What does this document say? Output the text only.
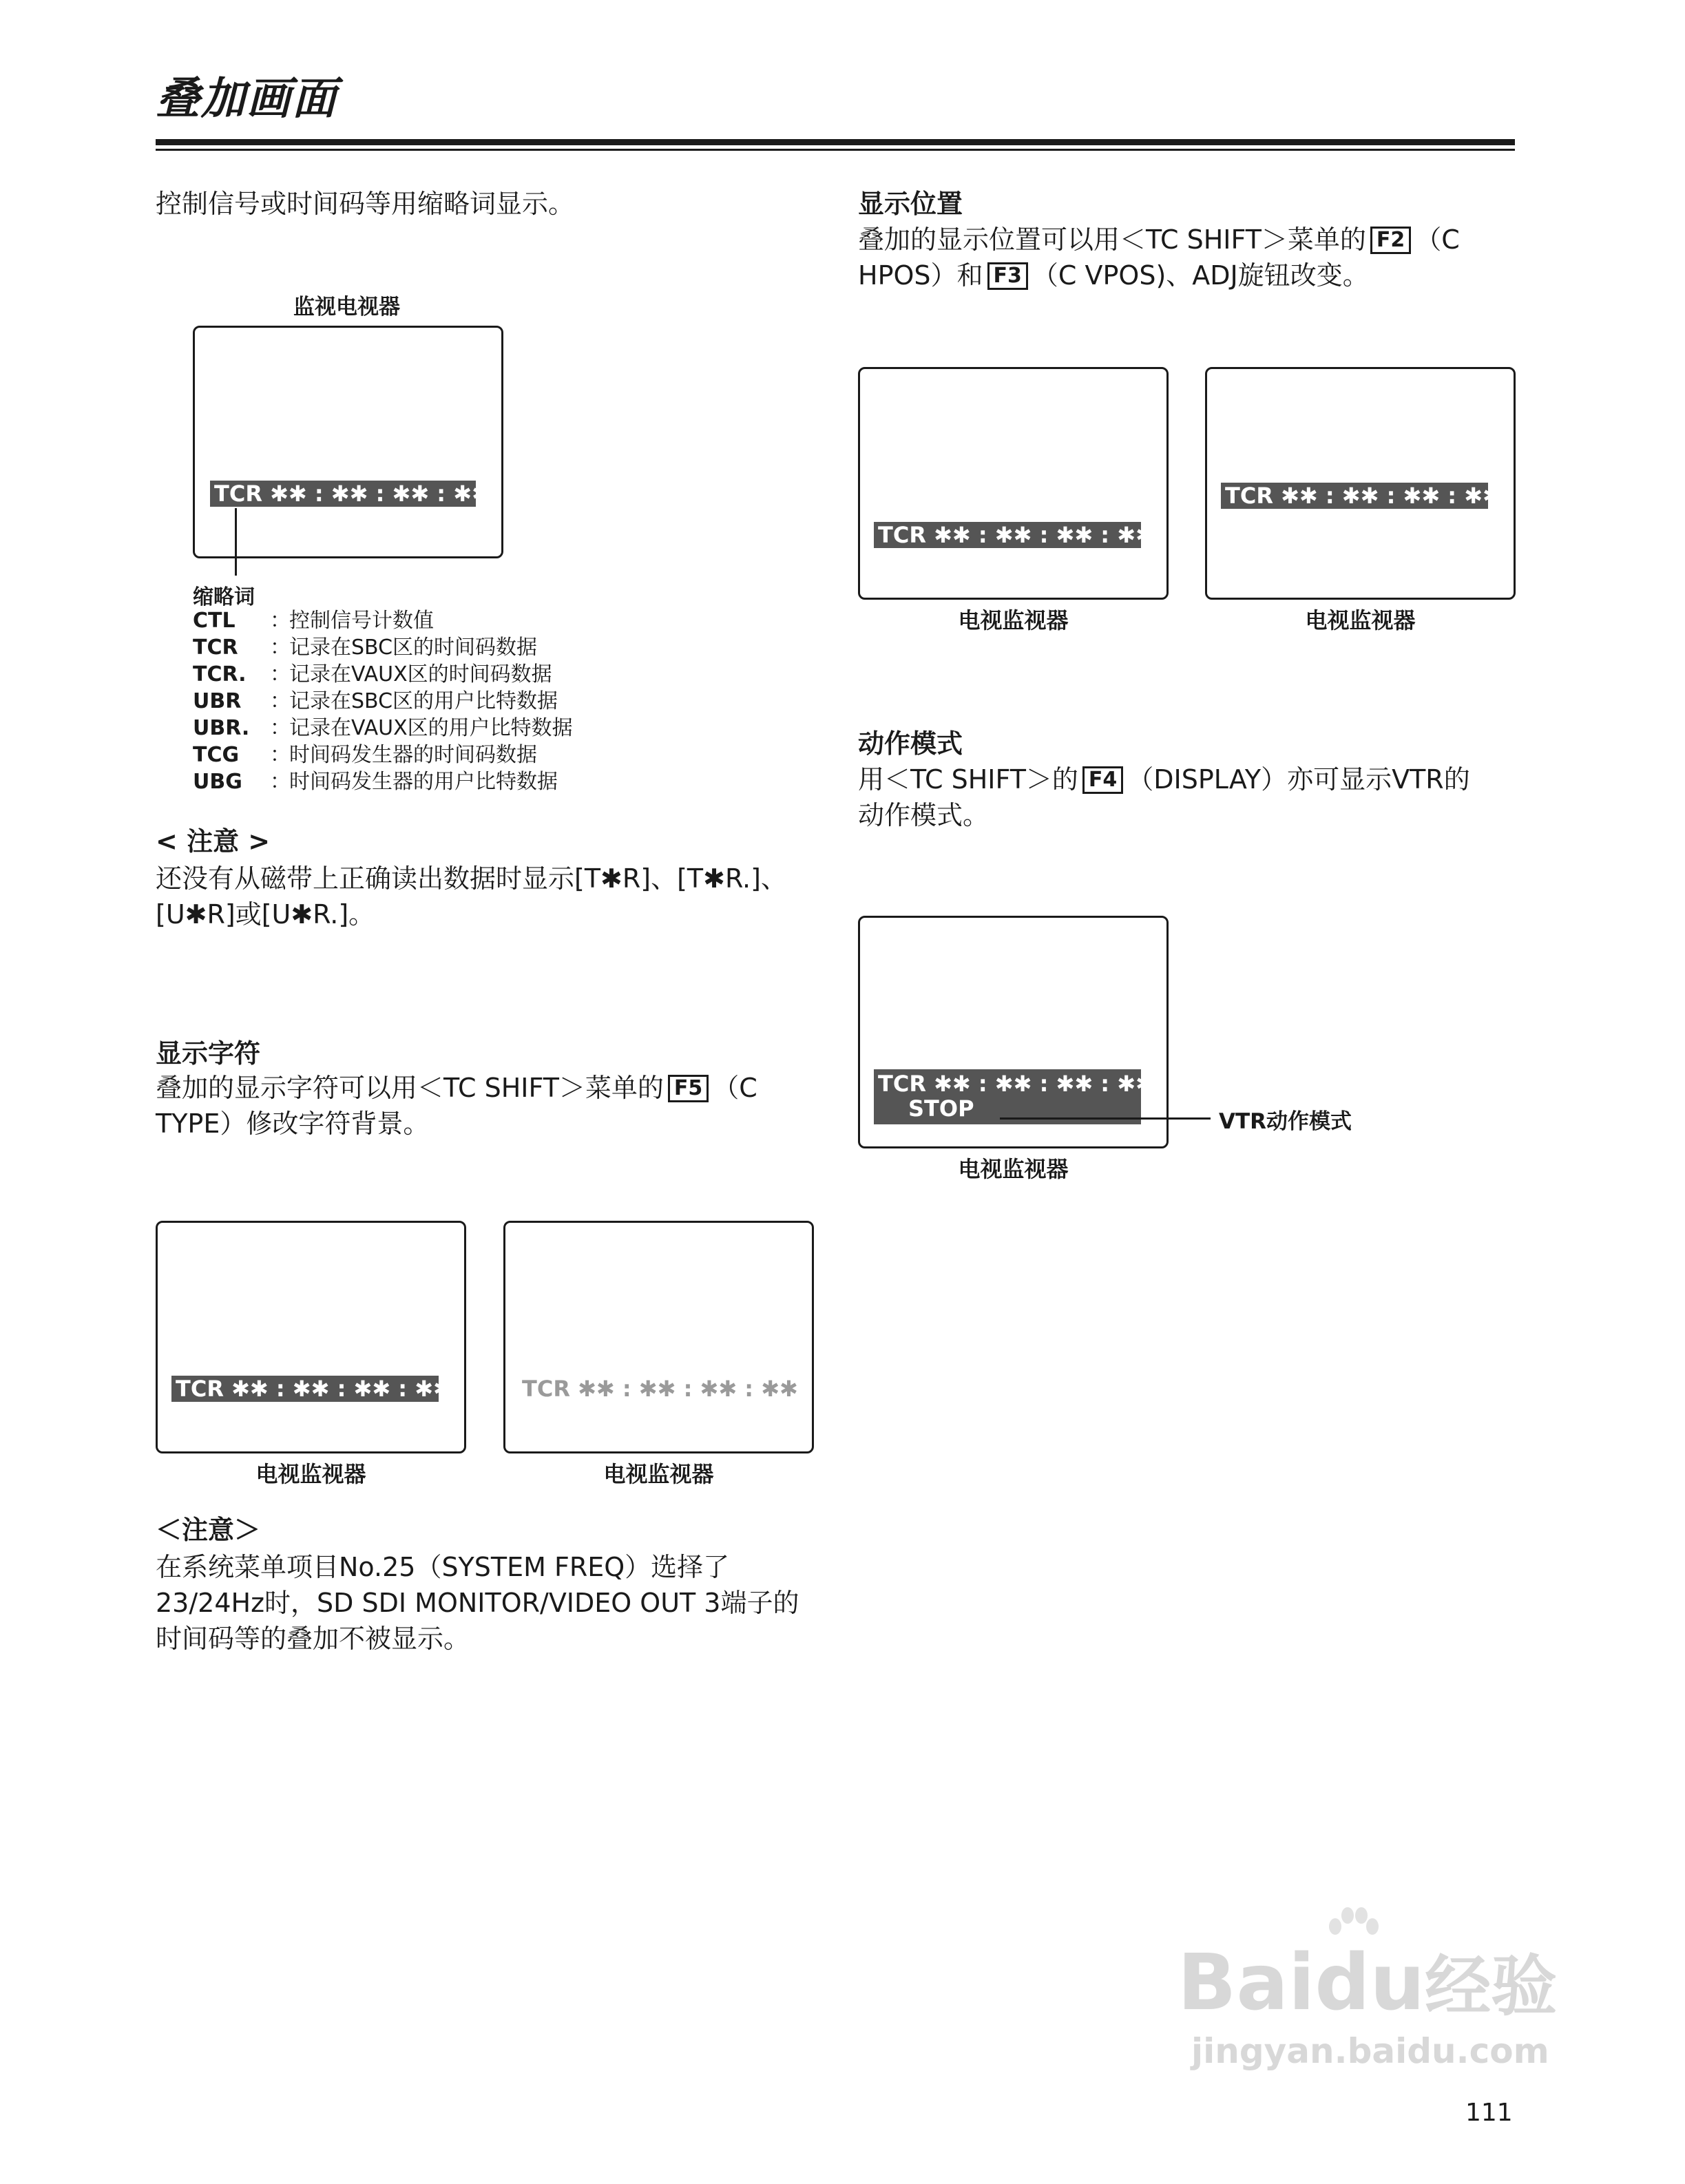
叠加画面
控制信号或时间码等用缩略词显示。
监视电视器
TCR ✱✱ : ✱✱ : ✱✱ : ✱✱
缩略词
CTL ：控制信号计数值
TCR ：记录在SBC区的时间码数据
TCR. ：记录在VAUX区的时间码数据
UBR ：记录在SBC区的用户比特数据
UBR. ：记录在VAUX区的用户比特数据
TCG ：时间码发生器的时间码数据
UBG ：时间码发生器的用户比特数据
< 注意 >
还没有从磁带上正确读出数据时显示[T✱R]、[T✱R.]、
[U✱R]或[U✱R.]。
显示字符
叠加的显示字符可以用＜TC SHIFT＞菜单的 F5 （C
TYPE）修改字符背景。
TCR ✱✱ : ✱✱ : ✱✱ : ✱✱
电视监视器
TCR ✱✱ : ✱✱ : ✱✱ : ✱✱
电视监视器
＜注意＞
在系统菜单项目No.25（SYSTEM FREQ）选择了
23/24Hz时，SD SDI MONITOR/VIDEO OUT 3端子的
时间码等的叠加不被显示。
显示位置
叠加的显示位置可以用＜TC SHIFT＞菜单的 F2 （C
HPOS）和 F3 （C VPOS)、ADJ旋钮改变。
TCR ✱✱ : ✱✱ : ✱✱ : ✱✱
电视监视器
TCR ✱✱ : ✱✱ : ✱✱ : ✱✱
电视监视器
动作模式
用＜TC SHIFT＞的 F4 （DISPLAY）亦可显示VTR的
动作模式。
TCR ✱✱ : ✱✱ : ✱✱ : ✱✱
STOP	VTR动作模式
电视监视器
Baidu经验
jingyan.baidu.com
111
